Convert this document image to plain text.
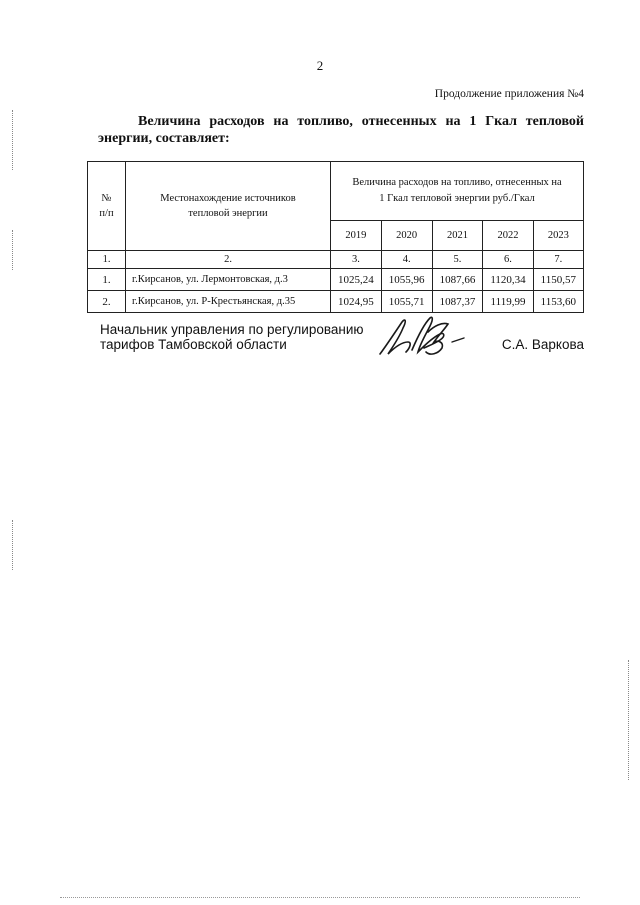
2
Продолжение приложения №4
Величина расходов на топливо, отнесенных на 1 Гкал тепловой энергии, составляет:
№
п/п	Местонахождение источников
тепловой энергии	Величина расходов на топливо, отнесенных на
1 Гкал тепловой энергии руб./Гкал				
		2019	2020	2021	2022	2023
1.	2.	3.	4.	5.	6.	7.
1.	г.Кирсанов, ул. Лермонтовская, д.3	1025,24	1055,96	1087,66	1120,34	1150,57
2.	г.Кирсанов, ул. Р-Крестьянская, д.35	1024,95	1055,71	1087,37	1119,99	1153,60
Начальник управления по регулированию
тарифов Тамбовской области	С.А. Варкова
